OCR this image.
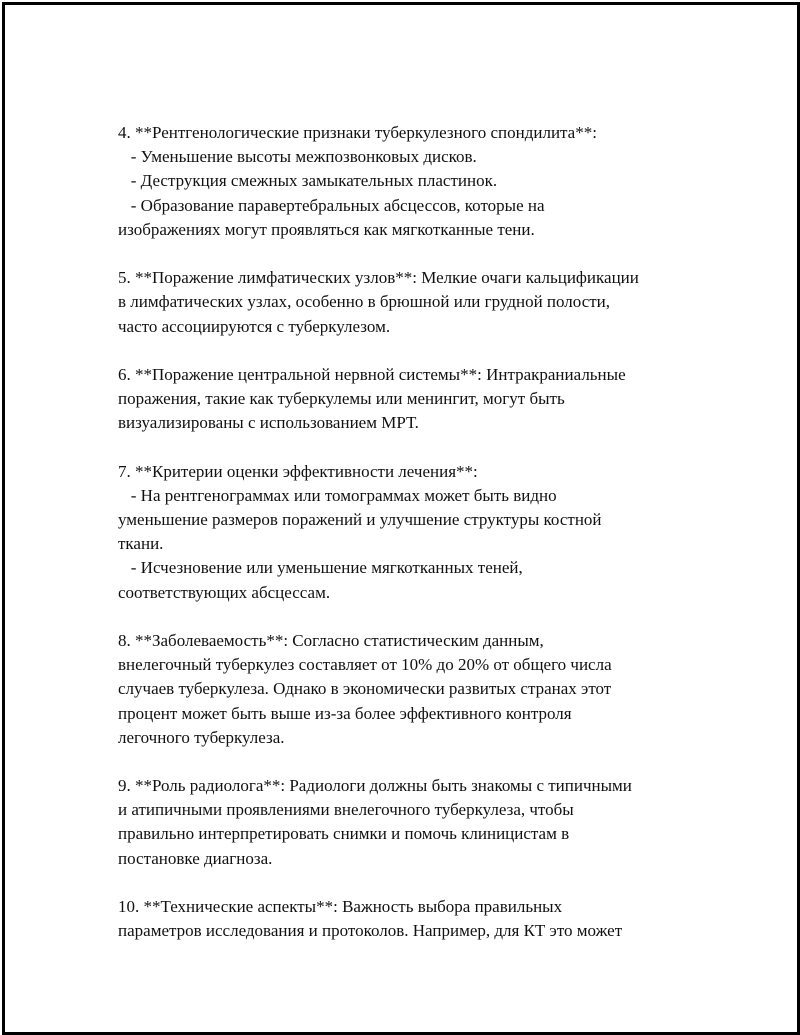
4. **Рентгенологические признаки туберкулезного спондилита**:
- Уменьшение высоты межпозвонковых дисков.
- Деструкция смежных замыкательных пластинок.
- Образование паравертебральных абсцессов, которые на
изображениях могут проявляться как мягкотканные тени.
5. **Поражение лимфатических узлов**: Мелкие очаги кальцификации
в лимфатических узлах, особенно в брюшной или грудной полости,
часто ассоциируются с туберкулезом.
6. **Поражение центральной нервной системы**: Интракраниальные
поражения, такие как туберкулемы или менингит, могут быть
визуализированы с использованием МРТ.
7. **Критерии оценки эффективности лечения**:
- На рентгенограммах или томограммах может быть видно
уменьшение размеров поражений и улучшение структуры костной
ткани.
- Исчезновение или уменьшение мягкотканных теней,
соответствующих абсцессам.
8. **Заболеваемость**: Согласно статистическим данным,
внелегочный туберкулез составляет от 10% до 20% от общего числа
случаев туберкулеза. Однако в экономически развитых странах этот
процент может быть выше из-за более эффективного контроля
легочного туберкулеза.
9. **Роль радиолога**: Радиологи должны быть знакомы с типичными
и атипичными проявлениями внелегочного туберкулеза, чтобы
правильно интерпретировать снимки и помочь клиницистам в
постановке диагноза.
10. **Технические аспекты**: Важность выбора правильных
параметров исследования и протоколов. Например, для КТ это может
